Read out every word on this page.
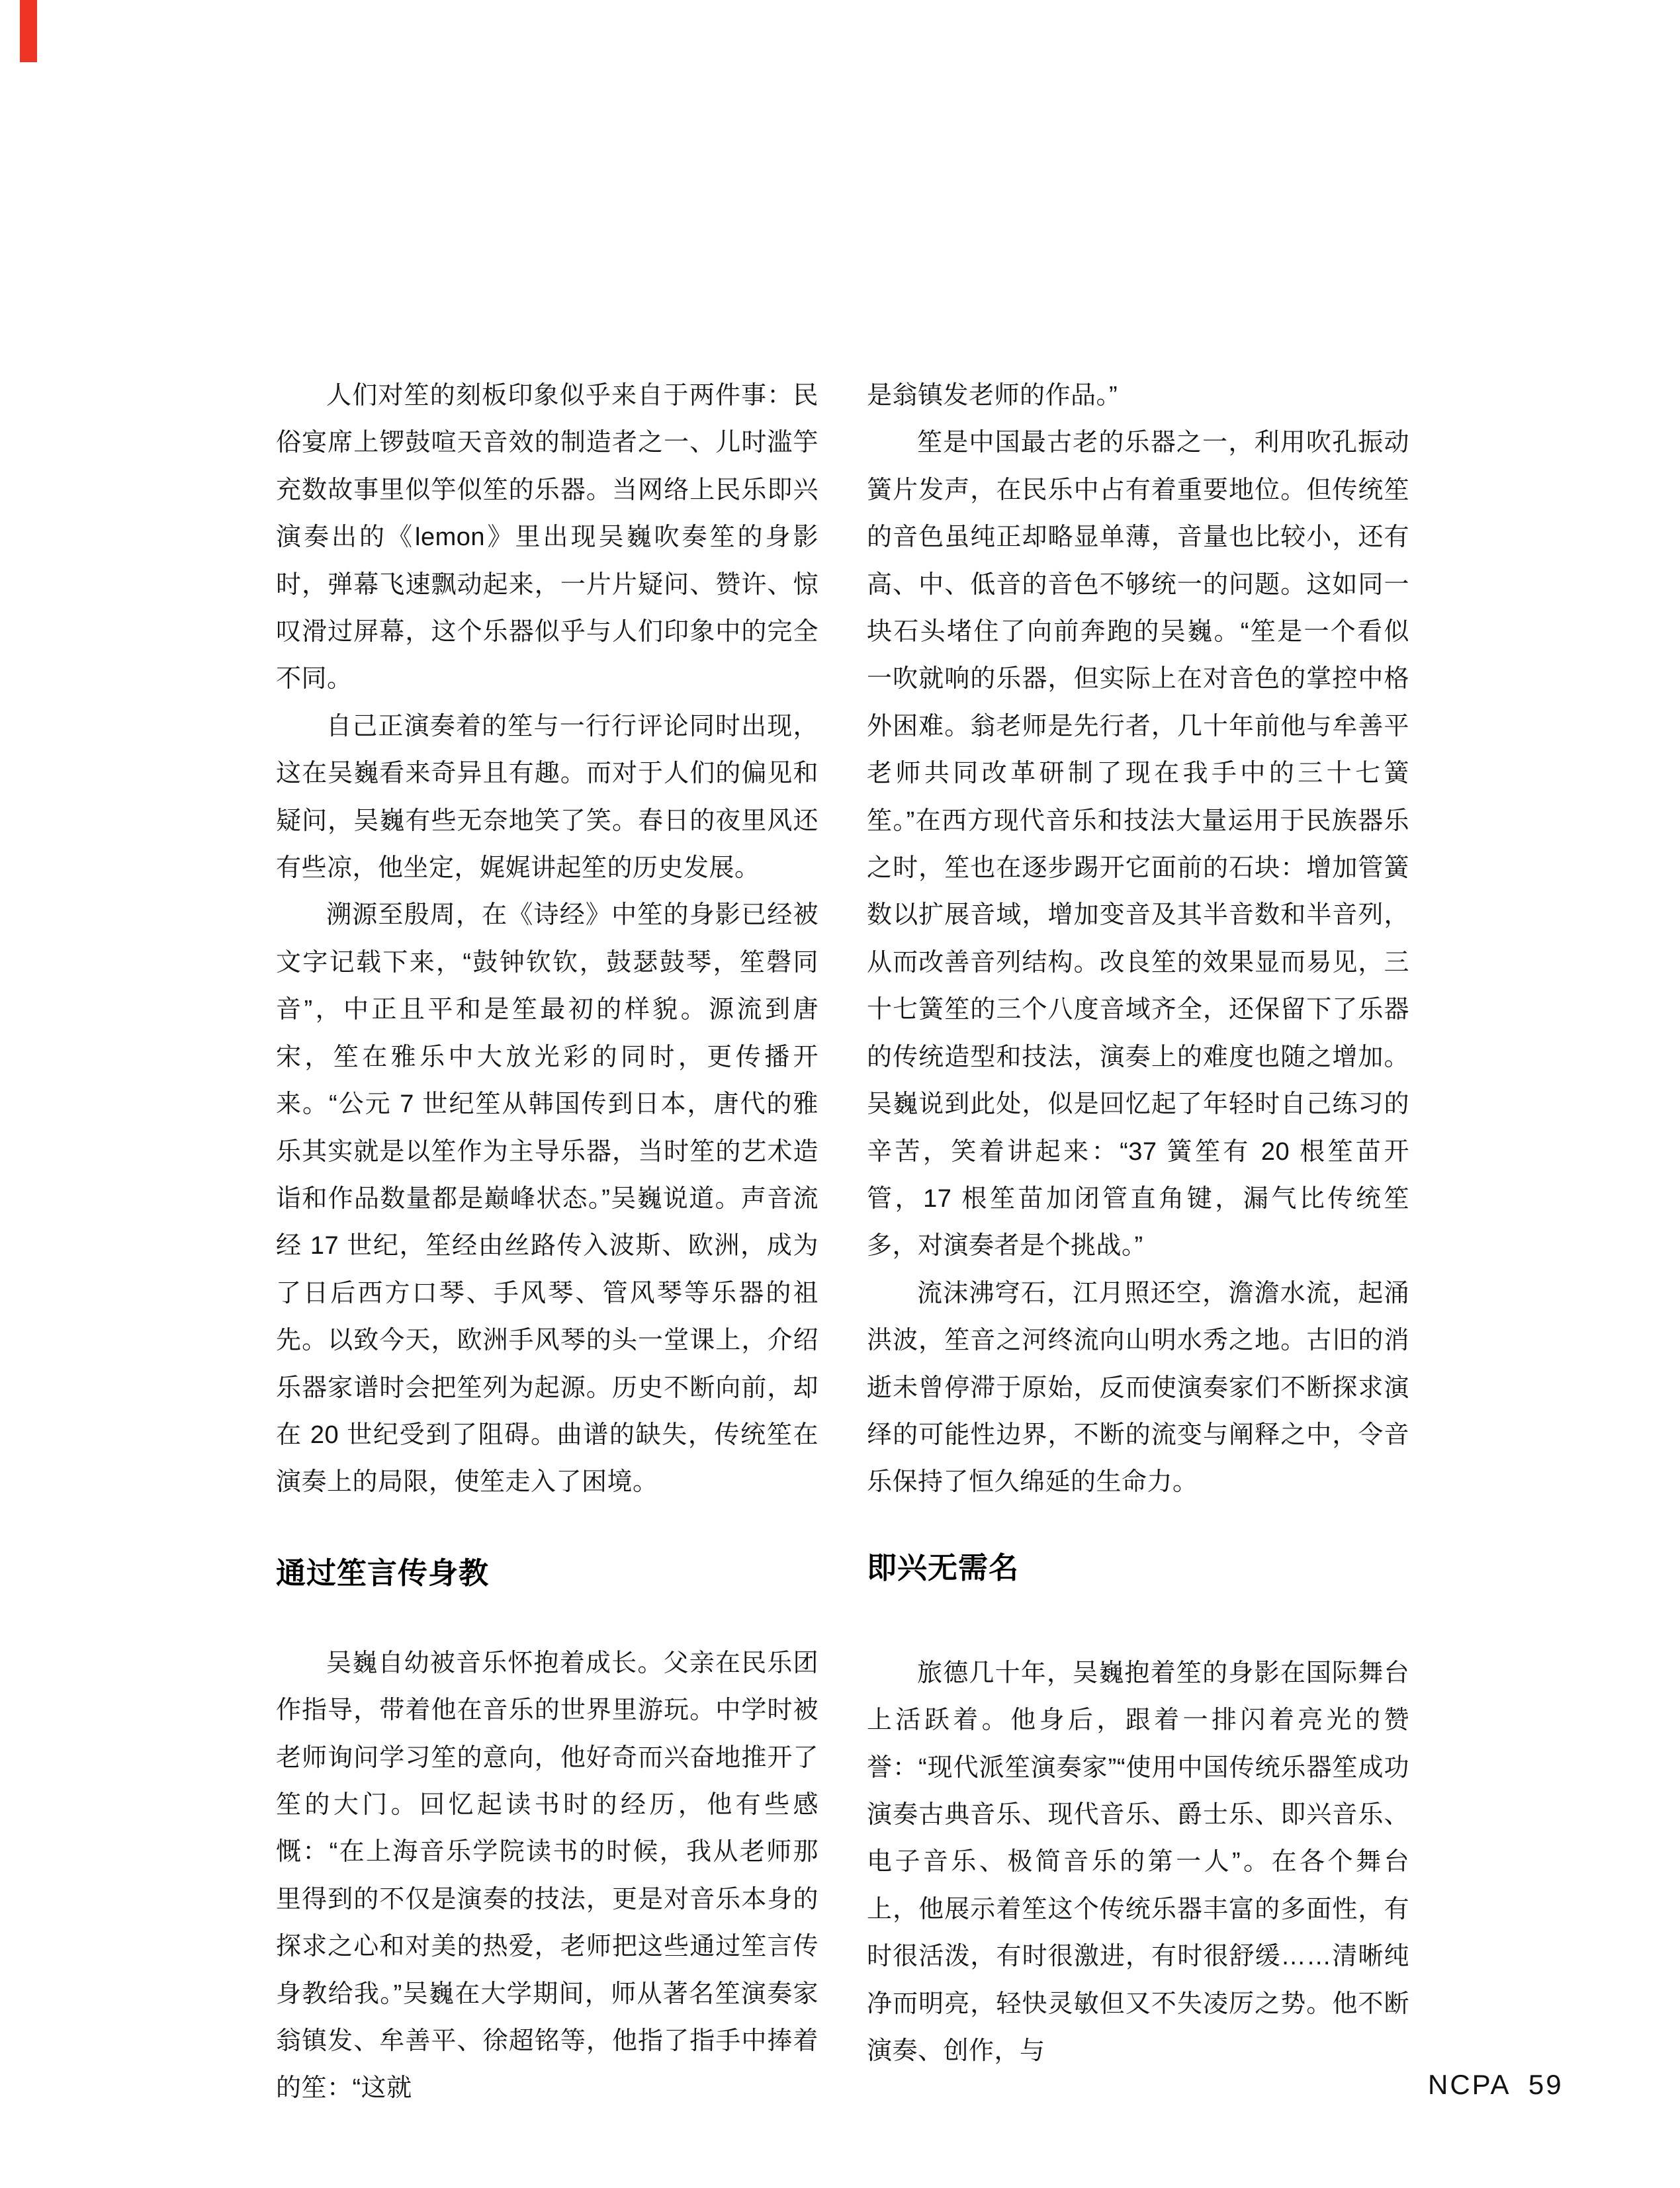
人们对笙的刻板印象似乎来自于两件事：民俗宴席上锣鼓喧天音效的制造者之一、儿时滥竽充数故事里似竽似笙的乐器。当网络上民乐即兴演奏出的《lemon》里出现吴巍吹奏笙的身影时，弹幕飞速飘动起来，一片片疑问、赞许、惊叹滑过屏幕，这个乐器似乎与人们印象中的完全不同。

自己正演奏着的笙与一行行评论同时出现，这在吴巍看来奇异且有趣。而对于人们的偏见和疑问，吴巍有些无奈地笑了笑。春日的夜里风还有些凉，他坐定，娓娓讲起笙的历史发展。

溯源至殷周，在《诗经》中笙的身影已经被文字记载下来，“鼓钟钦钦，鼓瑟鼓琴，笙磬同音”，中正且平和是笙最初的样貌。源流到唐宋，笙在雅乐中大放光彩的同时，更传播开来。“公元 7 世纪笙从韩国传到日本，唐代的雅乐其实就是以笙作为主导乐器，当时笙的艺术造诣和作品数量都是巅峰状态。”吴巍说道。声音流经 17 世纪，笙经由丝路传入波斯、欧洲，成为了日后西方口琴、手风琴、管风琴等乐器的祖先。以致今天，欧洲手风琴的头一堂课上，介绍乐器家谱时会把笙列为起源。历史不断向前，却在 20 世纪受到了阻碍。曲谱的缺失，传统笙在演奏上的局限，使笙走入了困境。

通过笙言传身教

吴巍自幼被音乐怀抱着成长。父亲在民乐团作指导，带着他在音乐的世界里游玩。中学时被老师询问学习笙的意向，他好奇而兴奋地推开了笙的大门。回忆起读书时的经历，他有些感慨：“在上海音乐学院读书的时候，我从老师那里得到的不仅是演奏的技法，更是对音乐本身的探求之心和对美的热爱，老师把这些通过笙言传身教给我。”吴巍在大学期间，师从著名笙演奏家翁镇发、牟善平、徐超铭等，他指了指手中捧着的笙：“这就

是翁镇发老师的作品。”

笙是中国最古老的乐器之一，利用吹孔振动簧片发声，在民乐中占有着重要地位。但传统笙的音色虽纯正却略显单薄，音量也比较小，还有高、中、低音的音色不够统一的问题。这如同一块石头堵住了向前奔跑的吴巍。“笙是一个看似一吹就响的乐器，但实际上在对音色的掌控中格外困难。翁老师是先行者，几十年前他与牟善平老师共同改革研制了现在我手中的三十七簧笙。”在西方现代音乐和技法大量运用于民族器乐之时，笙也在逐步踢开它面前的石块：增加管簧数以扩展音域，增加变音及其半音数和半音列，从而改善音列结构。改良笙的效果显而易见，三十七簧笙的三个八度音域齐全，还保留下了乐器的传统造型和技法，演奏上的难度也随之增加。吴巍说到此处，似是回忆起了年轻时自己练习的辛苦，笑着讲起来：“37 簧笙有 20 根笙苗开管，17 根笙苗加闭管直角键，漏气比传统笙多，对演奏者是个挑战。”

流沫沸穹石，江月照还空，澹澹水流，起涌洪波，笙音之河终流向山明水秀之地。古旧的消逝未曾停滞于原始，反而使演奏家们不断探求演绎的可能性边界，不断的流变与阐释之中，令音乐保持了恒久绵延的生命力。

即兴无需名

旅德几十年，吴巍抱着笙的身影在国际舞台上活跃着。他身后，跟着一排闪着亮光的赞誉：“现代派笙演奏家”“使用中国传统乐器笙成功演奏古典音乐、现代音乐、爵士乐、即兴音乐、电子音乐、极简音乐的第一人”。在各个舞台上，他展示着笙这个传统乐器丰富的多面性，有时很活泼，有时很激进，有时很舒缓……清晰纯净而明亮，轻快灵敏但又不失凌厉之势。他不断演奏、创作，与

NCPA 59
